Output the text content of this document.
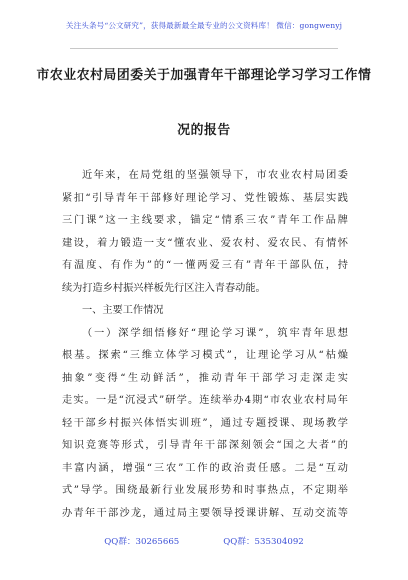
关注头条号“公文研究”，获得最新最全最专业的公文资料库！ 微信：gongwenyj
市农业农村局团委关于加强青年干部理论学习学习工作情
况的报告
近年来，在局党组的坚强领导下，市农业农村局团委
紧扣“引导青年干部修好理论学习、党性锻炼、基层实践
三门课”这一主线要求，锚定“情系三农”青年工作品牌
建设，着力锻造一支“懂农业、爱农村、爱农民、有情怀
有温度、有作为”的“一懂两爱三有”青年干部队伍，持
续为打造乡村振兴样板先行区注入青春动能。
一、主要工作情况
（一）深学细悟修好“理论学习课”，筑牢青年思想
根基。探索“三维立体学习模式”，让理论学习从“枯燥
抽象”变得“生动鲜活”，推动青年干部学习走深走实
走实。一是“沉浸式”研学。连续举办4期“市农业农村局年
轻干部乡村振兴体悟实训班”，通过专题授课、现场教学
知识竞赛等形式，引导青年干部深刻领会“国之大者”的
丰富内涵，增强“三农”工作的政治责任感。二是“互动
式”导学。围绕最新行业发展形势和时事热点，不定期举
办青年干部沙龙，通过局主要领导授课讲解、互动交流等
QQ群：30265665	QQ群：535304092
